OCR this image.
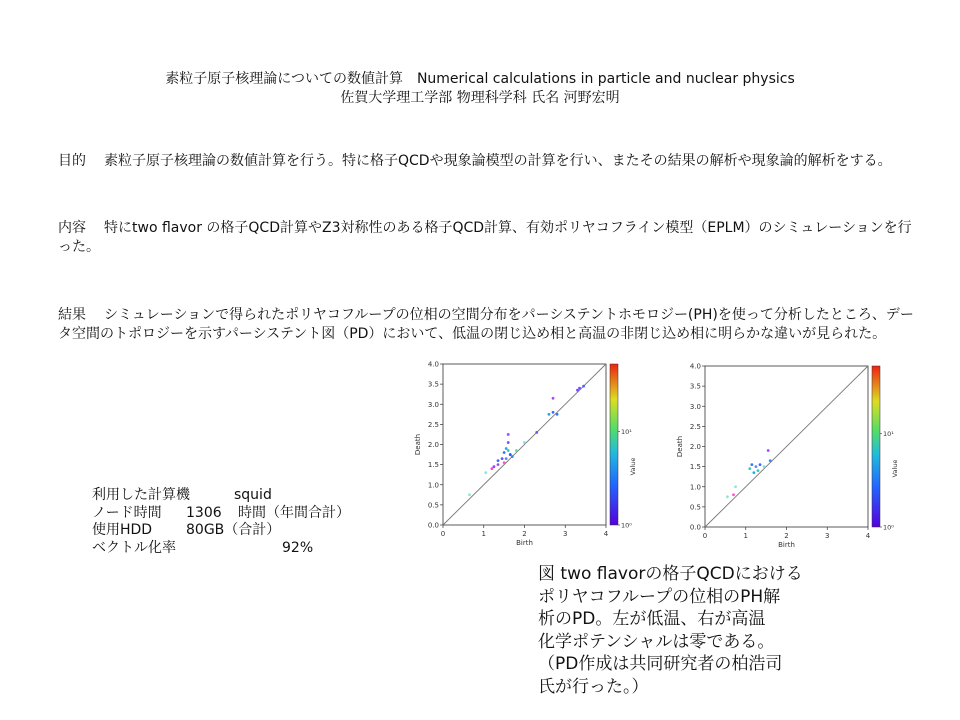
素粒子原子核理論についての数値計算　Numerical calculations in particle and nuclear physics
佐賀大学理工学部 物理科学科 氏名 河野宏明
目的 素粒子原子核理論の数値計算を行う。特に格子QCDや現象論模型の計算を行い、またその結果の解析や現象論的解析をする。
内容 特にtwo flavor の格子QCD計算やZ3対称性のある格子QCD計算、有効ポリヤコフライン模型（EPLM）のシミュレーションを行った。
結果 シミュレーションで得られたポリヤコフループの位相の空間分布をパーシステントホモロジー(PH)を使って分析したところ、データ空間のトポロジーを示すパーシステント図（PD）において、低温の閉じ込め相と高温の非閉じ込め相に明らかな違いが見られた。
利用した計算機	squid
ノード時間 1306 時間（年間合計）
使用HDD 80GB（合計）
ベクトル化率	92%
0	1	2	3	4
0.0
0.5
1.0
1.5
2.0
2.5
3.0
3.5
4.0
Birth
Death
10⁰
10¹
Value
0	1	2	3	4
0.0
0.5
1.0
1.5
2.0
2.5
3.0
3.5
4.0
Birth
Death
10⁰
10¹
Value
図 two flavorの格子QCDにおける
ポリヤコフループの位相のPH解
析のPD。左が低温、右が高温
化学ポテンシャルは零である。
（PD作成は共同研究者の柏浩司
氏が行った。）
